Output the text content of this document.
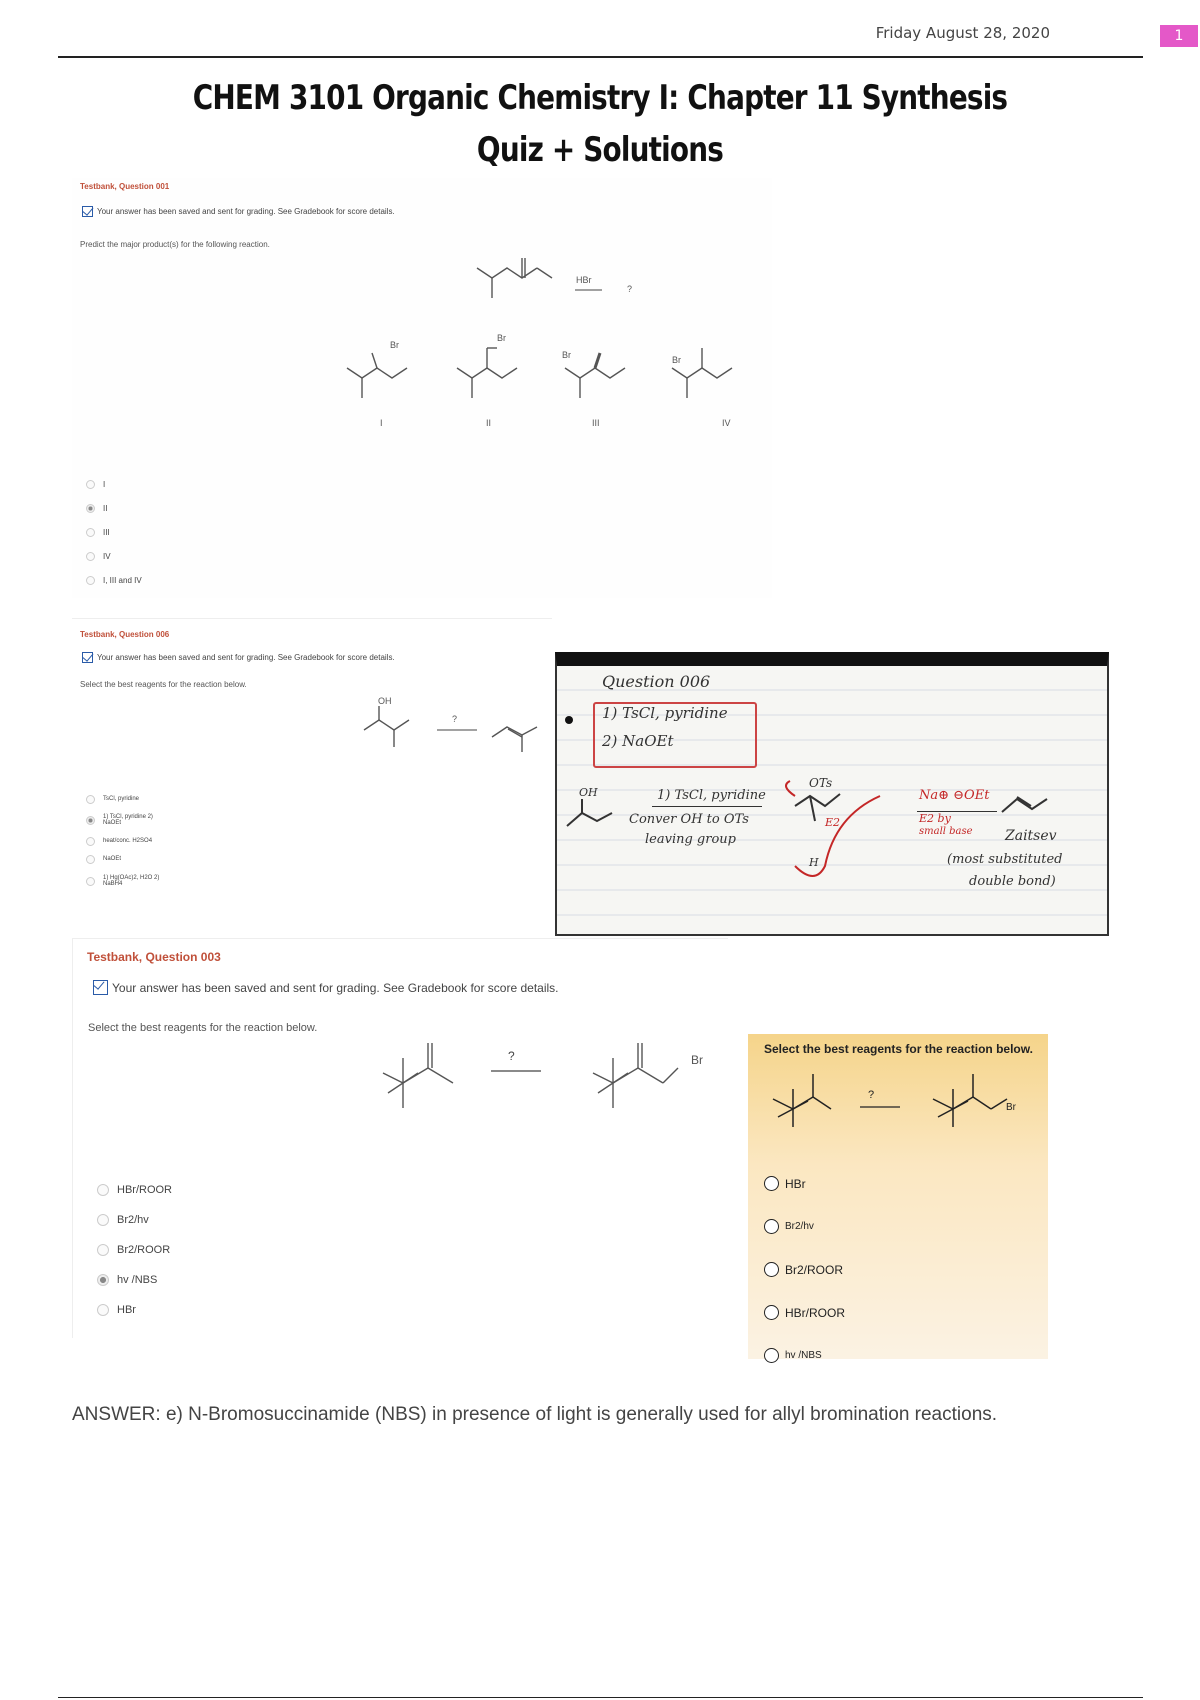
Friday August 28, 2020	1
CHEM 3101 Organic Chemistry I: Chapter 11 Synthesis
Quiz + Solutions
Testbank, Question 001
Your answer has been saved and sent for grading. See Gradebook for score details.
Predict the major product(s) for the following reaction.
HBr
?
Br
I
Br
II
Br
III
Br
IV
I
II
III
IV
I, III and IV
Testbank, Question 006
Your answer has been saved and sent for grading. See Gradebook for score details.
Select the best reagents for the reaction below.
OH
?
TsCl, pyridine
1) TsCl, pyridine 2) NaOEt
heat/conc. H2SO4
NaOEt
1) Hg(OAc)2, H2O 2) NaBH4
Question 006
1) TsCl, pyridine
2) NaOEt
OH	1) TsCl, pyridine
Conver OH to OTs
leaving group
OTs
E2
H
Na⊕ ⊖OEt
E2 by
small base Zaitsev
(most substituted
double bond)
Testbank, Question 003
Your answer has been saved and sent for grading. See Gradebook for score details.
Select the best reagents for the reaction below.
?	Br
HBr/ROOR
Br2/hv
Br2/ROOR
hv /NBS
HBr
Select the best reagents for the reaction below.
?
Br
HBr
Br2/hv
Br2/ROOR
HBr/ROOR
hv /NBS
ANSWER: e) N-Bromosuccinamide (NBS) in presence of light is generally used for allyl bromination reactions.
